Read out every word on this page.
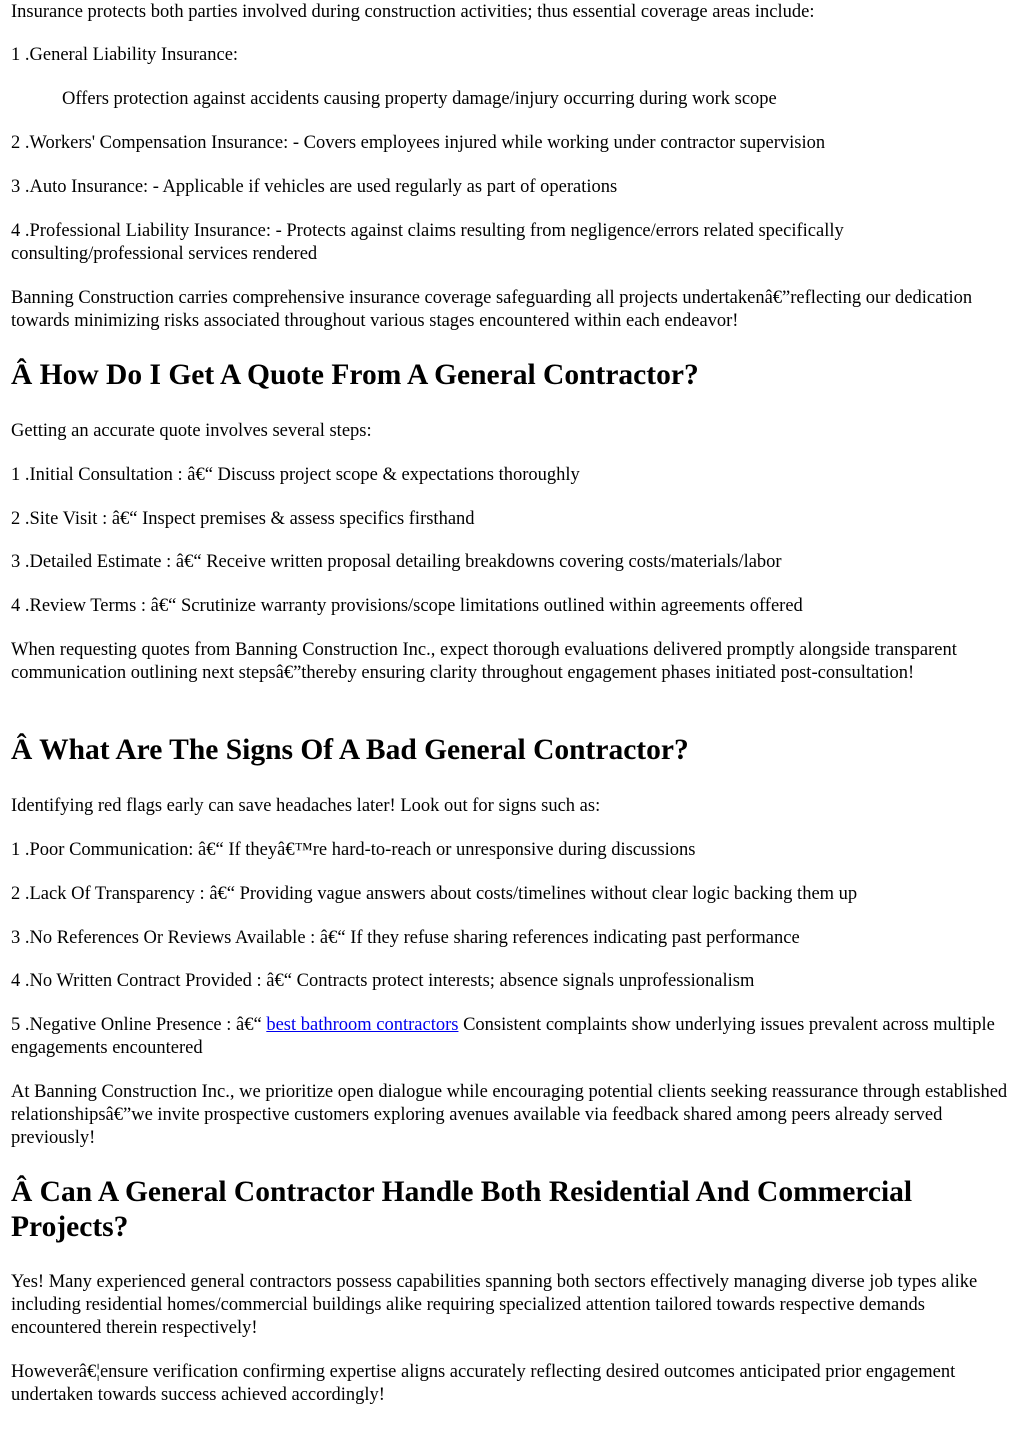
Insurance protects both parties involved during construction activities; thus essential coverage areas include:

1 .General Liability Insurance:

Offers protection against accidents causing property damage/injury occurring during work scope

2 .Workers' Compensation Insurance: - Covers employees injured while working under contractor supervision

3 .Auto Insurance: - Applicable if vehicles are used regularly as part of operations

4 .Professional Liability Insurance: - Protects against claims resulting from negligence/errors related specifically consulting/professional services rendered

Banning Construction carries comprehensive insurance coverage safeguarding all projects undertakenâ€”reflecting our dedication towards minimizing risks associated throughout various stages encountered within each endeavor!

Â How Do I Get A Quote From A General Contractor?

Getting an accurate quote involves several steps:

1 .Initial Consultation : â€“ Discuss project scope & expectations thoroughly

2 .Site Visit : â€“ Inspect premises & assess specifics firsthand

3 .Detailed Estimate : â€“ Receive written proposal detailing breakdowns covering costs/materials/labor

4 .Review Terms : â€“ Scrutinize warranty provisions/scope limitations outlined within agreements offered

When requesting quotes from Banning Construction Inc., expect thorough evaluations delivered promptly alongside transparent communication outlining next stepsâ€”thereby ensuring clarity throughout engagement phases initiated post-consultation!

Â What Are The Signs Of A Bad General Contractor?

Identifying red flags early can save headaches later! Look out for signs such as:

1 .Poor Communication: â€“ If theyâ€™re hard-to-reach or unresponsive during discussions

2 .Lack Of Transparency : â€“ Providing vague answers about costs/timelines without clear logic backing them up

3 .No References Or Reviews Available : â€“ If they refuse sharing references indicating past performance

4 .No Written Contract Provided : â€“ Contracts protect interests; absence signals unprofessionalism

5 .Negative Online Presence : â€“ best bathroom contractors Consistent complaints show underlying issues prevalent across multiple engagements encountered

At Banning Construction Inc., we prioritize open dialogue while encouraging potential clients seeking reassurance through established relationshipsâ€”we invite prospective customers exploring avenues available via feedback shared among peers already served previously!

Â Can A General Contractor Handle Both Residential And Commercial Projects?

Yes! Many experienced general contractors possess capabilities spanning both sectors effectively managing diverse job types alike including residential homes/commercial buildings alike requiring specialized attention tailored towards respective demands encountered therein respectively!

Howeverâ€¦ensure verification confirming expertise aligns accurately reflecting desired outcomes anticipated prior engagement undertaken towards success achieved accordingly!
